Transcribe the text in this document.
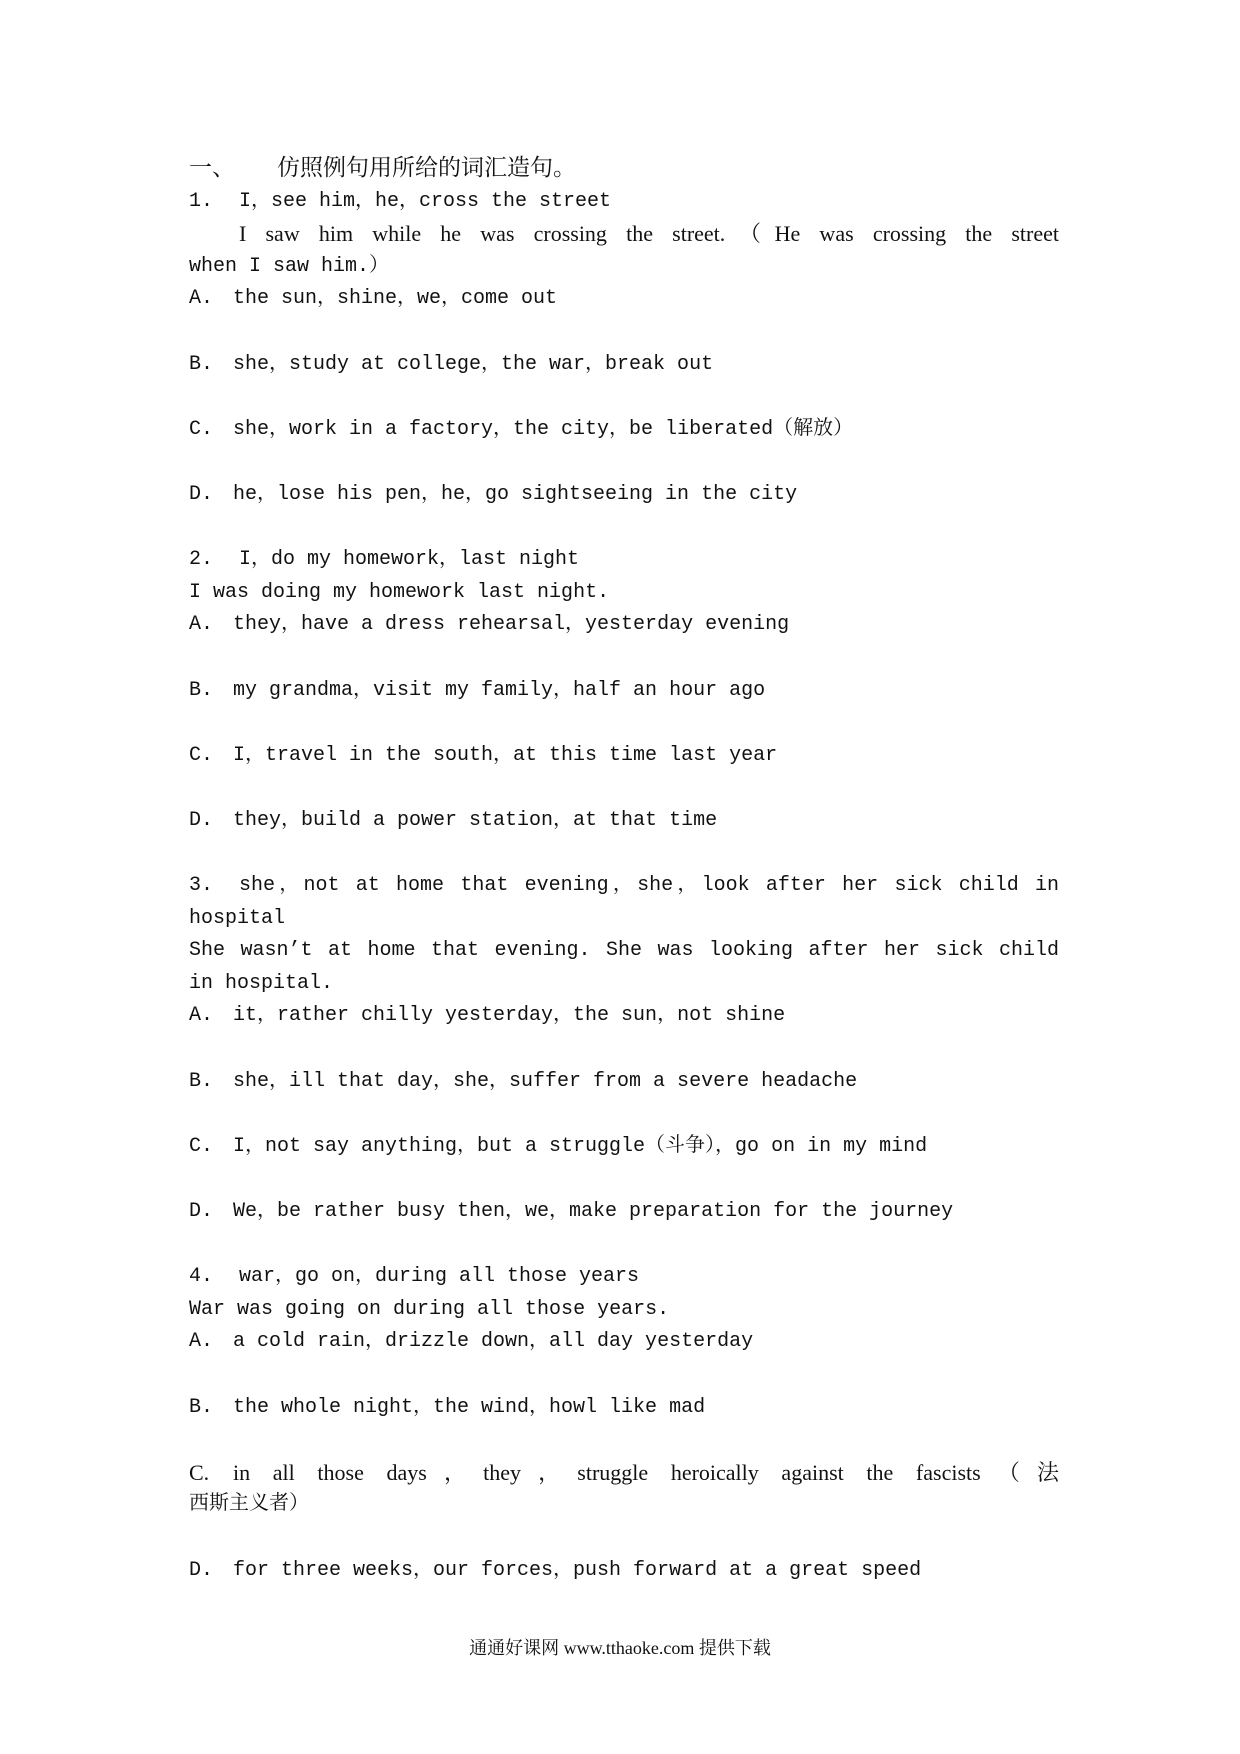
一、 仿照例句用所给的词汇造句。
1. I，see him，he，cross the street
I saw him while he was crossing the street.（He was crossing the street
when I saw him.）
A. the sun，shine，we，come out
B. she，study at college，the war，break out
C. she，work in a factory，the city，be liberated（解放）
D. he，lose his pen，he，go sightseeing in the city
2. I，do my homework，last night
I was doing my homework last night.
A. they，have a dress rehearsal，yesterday evening
B. my grandma，visit my family，half an hour ago
C. I，travel in the south，at this time last year
D. they，build a power station，at that time
3. she，not at home that evening，she，look after her sick child in
hospital
She wasn’t at home that evening. She was looking after her sick child
in hospital.
A. it，rather chilly yesterday，the sun，not shine
B. she，ill that day，she，suffer from a severe headache
C. I，not say anything，but a struggle（斗争），go on in my mind
D. We，be rather busy then，we，make preparation for the journey
4. war，go on，during all those years
War was going on during all those years.
A. a cold rain，drizzle down，all day yesterday
B. the whole night，the wind，howl like mad
C. in all those days，they，struggle heroically against the fascists（法
西斯主义者）
D. for three weeks，our forces，push forward at a great speed
通通好课网 www.tthaoke.com 提供下载
